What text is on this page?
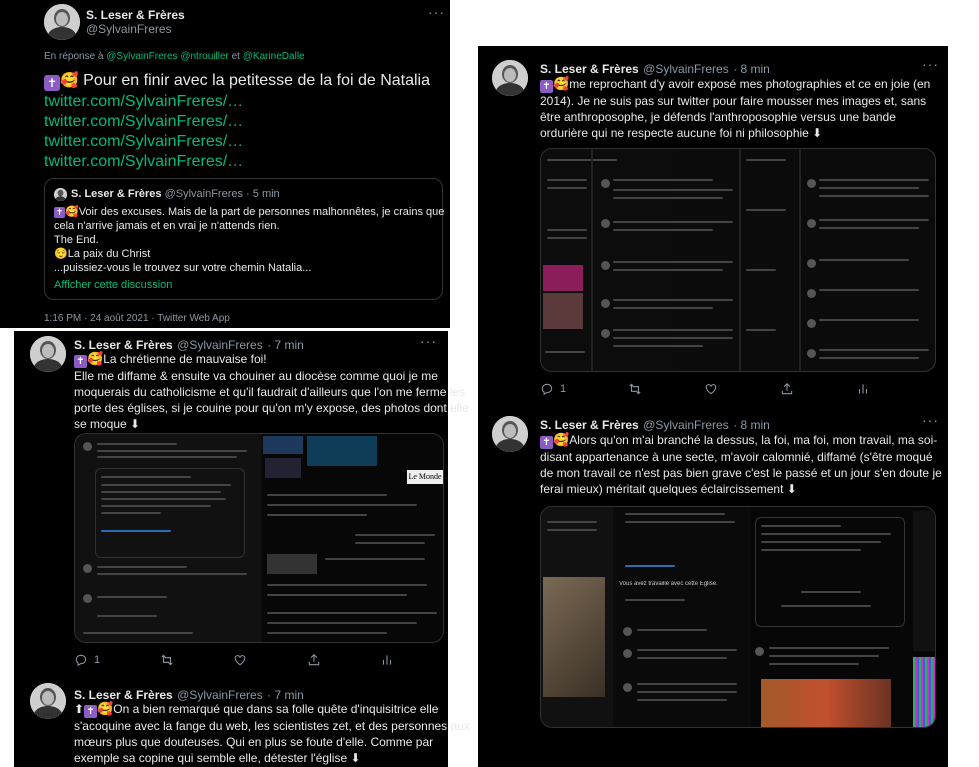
S. Leser & Frères
@SylvainFreres
···
En réponse à @SylvainFreres @ntrouiller et @KarineDalle
✝ 🥰 Pour en finir avec la petitesse de la foi de Natalia
twitter.com/SylvainFreres/…
twitter.com/SylvainFreres/…
twitter.com/SylvainFreres/…
twitter.com/SylvainFreres/…
S. Leser & Frères @SylvainFreres · 5 min
✝ 🥰Voir des excuses. Mais de la part de personnes malhonnêtes, je crains que
cela n'arrive jamais et en vrai je n'attends rien.
The End.
😌La paix du Christ
...puissiez-vous le trouvez sur votre chemin Natalia...
Afficher cette discussion
1:16 PM · 24 août 2021 · Twitter Web App
S. Leser & Frères @SylvainFreres · 7 min	···
✝ 🥰La chrétienne de mauvaise foi!
Elle me diffame & ensuite va chouiner au diocèse comme quoi je me
moquerais du catholicisme et qu'il faudrait d'ailleurs que l'on me ferme les
porte des églises, si je couine pour qu'on m'y expose, des photos dont elle
se moque ⬇
Le Monde
1
S. Leser & Frères @SylvainFreres · 7 min
⬆ ✝ 🥰On a bien remarqué que dans sa folle quête d'inquisitrice elle
s'acoquine avec la fange du web, les scientistes zet, et des personnes aux
mœurs plus que douteuses. Qui en plus se foute d'elle. Comme par
exemple sa copine qui semble elle, détester l'église ⬇
S. Leser & Frères @SylvainFreres · 8 min	···
✝ 🥰me reprochant d'y avoir exposé mes photographies et ce en joie (en
2014). Je ne suis pas sur twitter pour faire mousser mes images et, sans
être anthroposophe, je défends l'anthroposophie versus une bande
ordurière qui ne respecte aucune foi ni philosophie ⬇
1
S. Leser & Frères @SylvainFreres · 8 min	···
✝ 🥰Alors qu'on m'ai branché la dessus, la foi, ma foi, mon travail, ma soi-
disant appartenance à une secte, m'avoir calomnié, diffamé (s'être moqué
de mon travail ce n'est pas bien grave c'est le passé et un jour s'en doute je
ferai mieux) méritait quelques éclaircissement ⬇
Vous avez travaillé avec cette Église.
